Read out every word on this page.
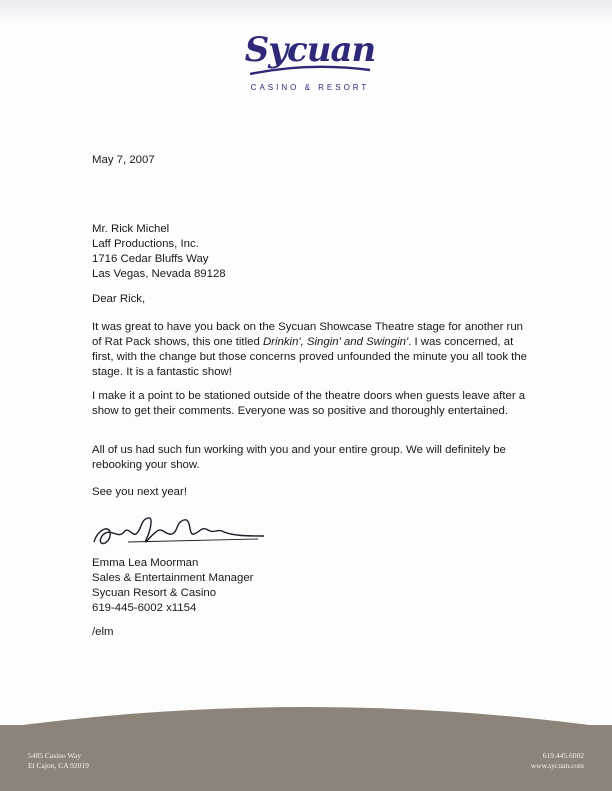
Sycuan
CASINO & RESORT
May 7, 2007
Mr. Rick Michel
Laff Productions, Inc.
1716 Cedar Bluffs Way
Las Vegas, Nevada 89128
Dear Rick,
It was great to have you back on the Sycuan Showcase Theatre stage for another run of Rat Pack shows, this one titled Drinkin', Singin' and Swingin'. I was concerned, at first, with the change but those concerns proved unfounded the minute you all took the stage. It is a fantastic show!
I make it a point to be stationed outside of the theatre doors when guests leave after a show to get their comments. Everyone was so positive and thoroughly entertained.
All of us had such fun working with you and your entire group. We will definitely be rebooking your show.
See you next year!
Emma Lea Moorman
Sales & Entertainment Manager
Sycuan Resort & Casino
619-445-6002 x1154
/elm
5485 Casino Way
El Cajon, CA 92019
619.445.6002
www.sycuan.com
